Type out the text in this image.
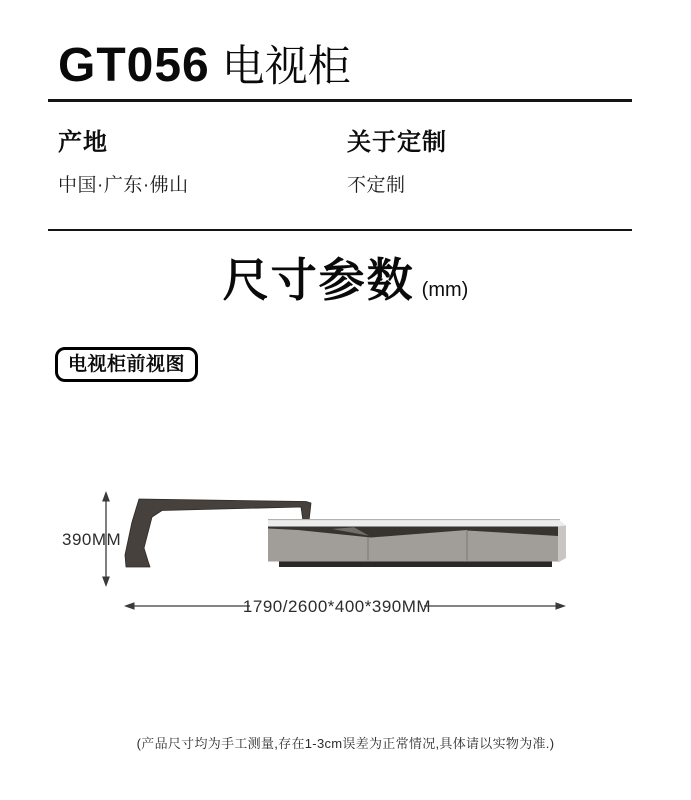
GT056 电视柜
产地
中国·广东·佛山
关于定制
不定制
尺寸参数 (mm)
电视柜前视图
390MM
1790/2600*400*390MM
(产品尺寸均为手工测量,存在1-3cm误差为正常情况,具体请以实物为准.)
